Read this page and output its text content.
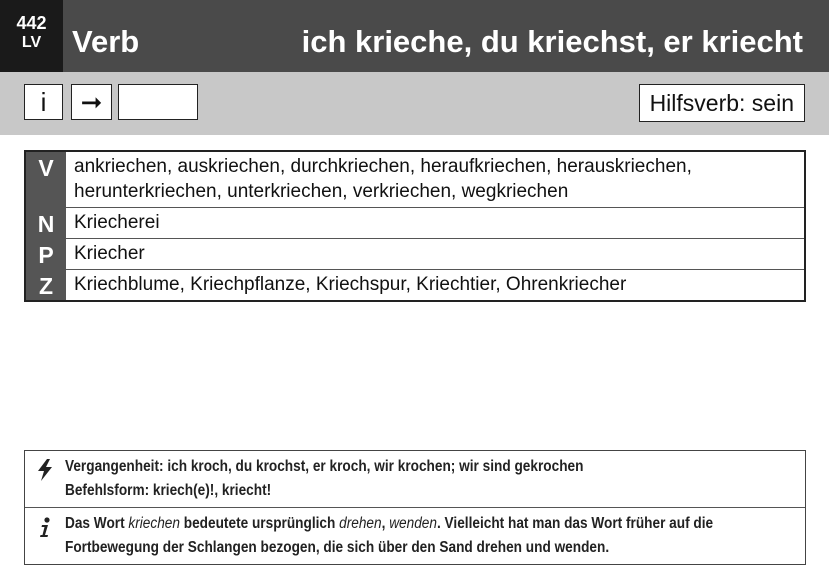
442
LV Verb	ich krieche, du kriechst, er kriecht
i	➞	Hilfsverb: sein
V	ankriechen, auskriechen, durchkriechen, heraufkriechen, herauskriechen, herunterkriechen, unterkriechen, verkriechen, wegkriechen
N	Kriecherei
P	Kriecher
Z	Kriechblume, Kriechpflanze, Kriechspur, Kriechtier, Ohrenkriecher
Vergangenheit: ich kroch, du krochst, er kroch, wir krochen; wir sind gekrochen
Befehlsform: kriech(e)!, kriecht!
Das Wort kriechen bedeutete ursprünglich drehen, wenden. Vielleicht hat man das Wort früher auf die Fortbewegung der Schlangen bezogen, die sich über den Sand drehen und wenden.
